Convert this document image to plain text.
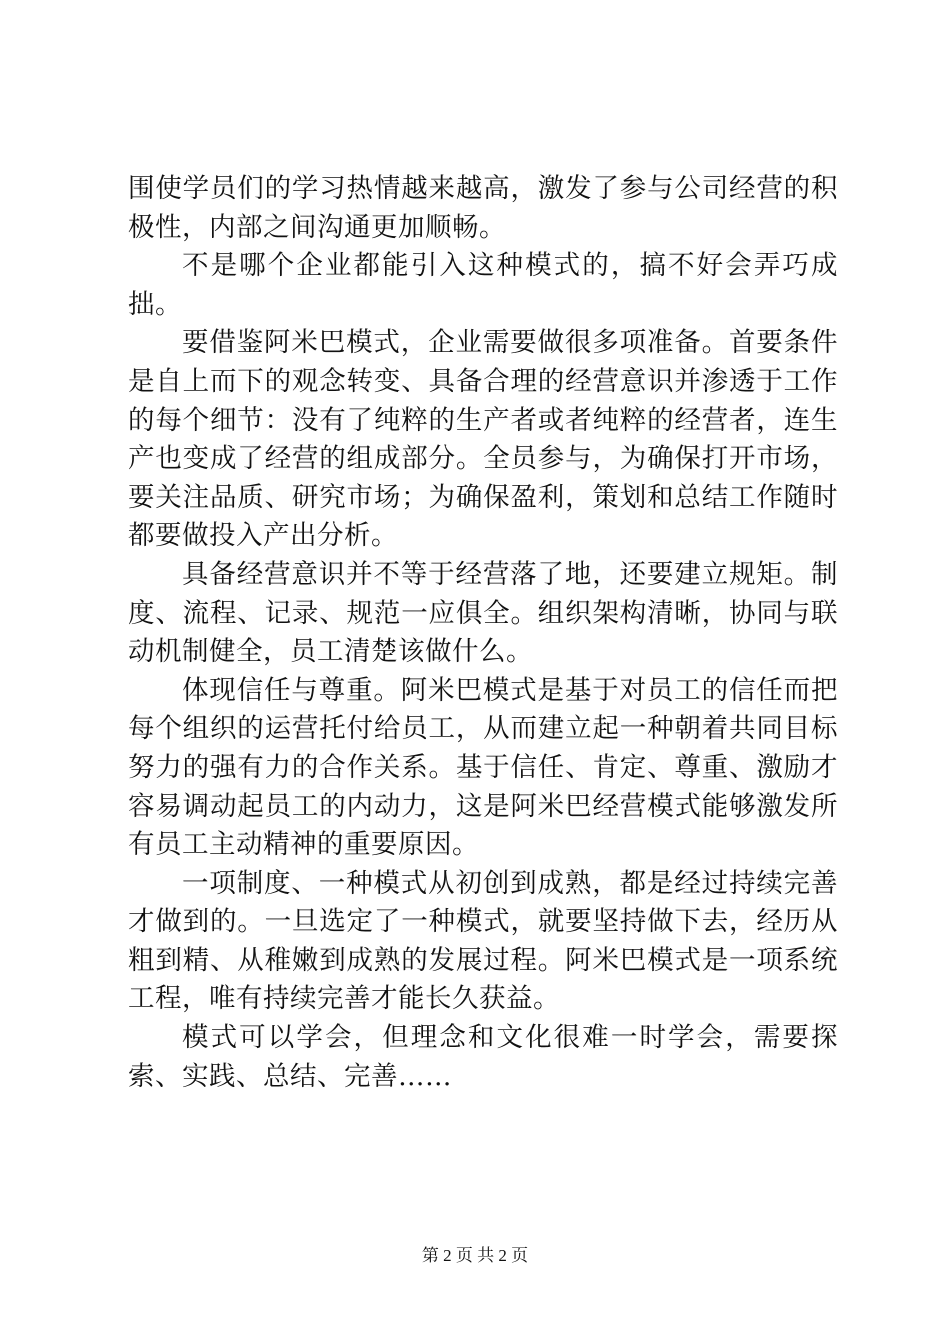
围使学员们的学习热情越来越高，激发了参与公司经营的积极性，内部之间沟通更加顺畅。

不是哪个企业都能引入这种模式的，搞不好会弄巧成拙。

要借鉴阿米巴模式，企业需要做很多项准备。首要条件是自上而下的观念转变、具备合理的经营意识并渗透于工作的每个细节：没有了纯粹的生产者或者纯粹的经营者，连生产也变成了经营的组成部分。全员参与，为确保打开市场，要关注品质、研究市场；为确保盈利，策划和总结工作随时都要做投入产出分析。

具备经营意识并不等于经营落了地，还要建立规矩。制度、流程、记录、规范一应俱全。组织架构清晰，协同与联动机制健全，员工清楚该做什么。

体现信任与尊重。阿米巴模式是基于对员工的信任而把每个组织的运营托付给员工，从而建立起一种朝着共同目标努力的强有力的合作关系。基于信任、肯定、尊重、激励才容易调动起员工的内动力，这是阿米巴经营模式能够激发所有员工主动精神的重要原因。

一项制度、一种模式从初创到成熟，都是经过持续完善才做到的。一旦选定了一种模式，就要坚持做下去，经历从粗到精、从稚嫩到成熟的发展过程。阿米巴模式是一项系统工程，唯有持续完善才能长久获益。

模式可以学会，但理念和文化很难一时学会，需要探索、实践、总结、完善……

第 2 页 共 2 页
